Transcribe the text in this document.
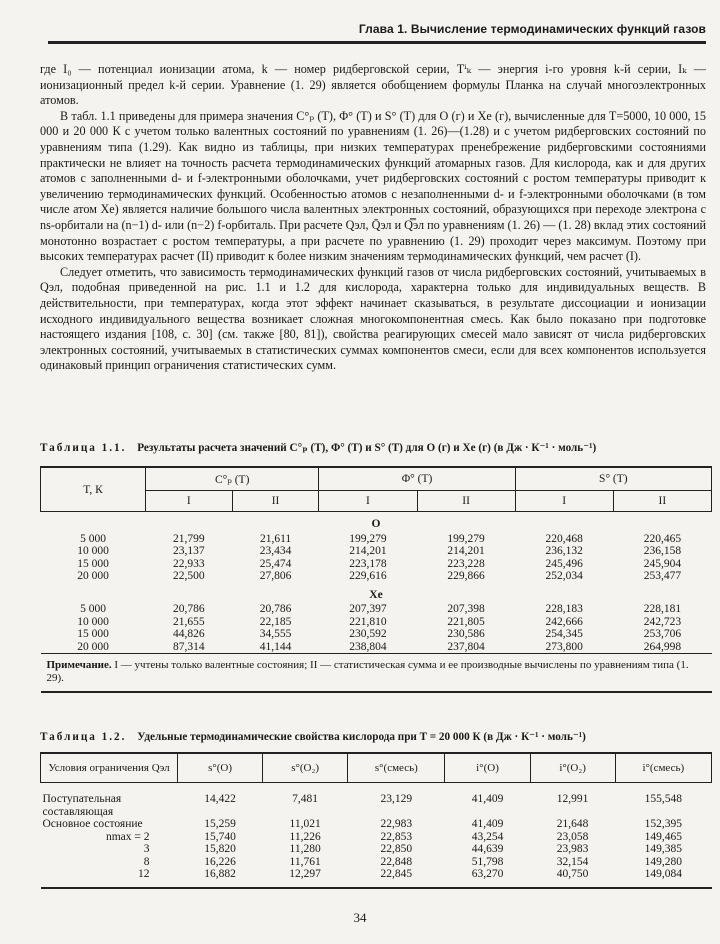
Глава 1. Вычисление термодинамических функций газов

где I₀ — потенциал ионизации атома, k — номер ридберговской серии, Tⁱₖ — энергия i-го уровня k-й серии, Iₖ — ионизационный предел k-й серии. Уравнение (1. 29) является обобщением формулы Планка на случай многоэлектронных атомов.

В табл. 1.1 приведены для примера значения C°ₚ (T), Φ° (T) и S° (T) для O (г) и Xe (г), вычисленные для T=5000, 10 000, 15 000 и 20 000 К с учетом только валентных состояний по уравнениям (1. 26)—(1.28) и с учетом ридберговских состояний по уравнениям типа (1.29). Как видно из таблицы, при низких температурах пренебрежение ридберговскими состояниями практически не влияет на точность расчета термодинамических функций атомарных газов. Для кислорода, как и для других атомов с заполненными d- и f-электронными оболочками, учет ридберговских состояний с ростом температуры приводит к увеличению термодинамических функций. Особенностью атомов с незаполненными d- и f-электронными оболочками (в том числе атом Xe) является наличие большого числа валентных электронных состояний, образующихся при переходе электрона с ns-орбитали на (n−1) d- или (n−2) f-орбиталь. При расчете Qэл, Q̄эл и Q̿эл по уравнениям (1. 26) — (1. 28) вклад этих состояний монотонно возрастает с ростом температуры, а при расчете по уравнению (1. 29) проходит через максимум. Поэтому при высоких температурах расчет (II) приводит к более низким значениям термодинамических функций, чем расчет (I).

Следует отметить, что зависимость термодинамических функций газов от числа ридберговских состояний, учитываемых в Qэл, подобная приведенной на рис. 1.1 и 1.2 для кислорода, характерна только для индивидуальных веществ. В действительности, при температурах, когда этот эффект начинает сказываться, в результате диссоциации и ионизации исходного индивидуального вещества возникает сложная многокомпонентная смесь. Как было показано при подготовке настоящего издания [108, с. 30] (см. также [80, 81]), свойства реагирующих смесей мало зависят от числа ридберговских электронных состояний, учитываемых в статистических суммах компонентов смеси, если для всех компонентов используется одинаковый принцип ограничения статистических сумм.

Таблица 1.1. Результаты расчета значений C°ₚ (T), Φ° (T) и S° (T) для O (г) и Xe (г) (в Дж · К⁻¹ · моль⁻¹)
T, К	C°ₚ (T)		Φ° (T)		S° (T)	
	I	II	I	II	I	II
O						
5 000	21,799	21,611	199,279	199,279	220,468	220,465
10 000	23,137	23,434	214,201	214,201	236,132	236,158
15 000	22,933	25,474	223,178	223,228	245,496	245,904
20 000	22,500	27,806	229,616	229,866	252,034	253,477
Xe						
5 000	20,786	20,786	207,397	207,398	228,183	228,181
10 000	21,655	22,185	221,810	221,805	242,666	242,723
15 000	44,826	34,555	230,592	230,586	254,345	253,706
20 000	87,314	41,144	238,804	237,804	273,800	264,998
Примечание. I — учтены только валентные состояния; II — статистическая сумма и ее производные вычислены по уравнениям типа (1. 29).						
Таблица 1.2. Удельные термодинамические свойства кислорода при T = 20 000 К (в Дж · К⁻¹ · моль⁻¹)
Условия ограничения Qэл	s°(O)	s°(O₂)	s°(смесь)	i°(O)	i°(O₂)	i°(смесь)
Поступательная составляющая	14,422	7,481	23,129	41,409	12,991	155,548
Основное состояние	15,259	11,021	22,983	41,409	21,648	152,395
nmax = 2	15,740	11,226	22,853	43,254	23,058	149,465
3	15,820	11,280	22,850	44,639	23,983	149,385
8	16,226	11,761	22,848	51,798	32,154	149,280
12	16,882	12,297	22,845	63,270	40,750	149,084
34
